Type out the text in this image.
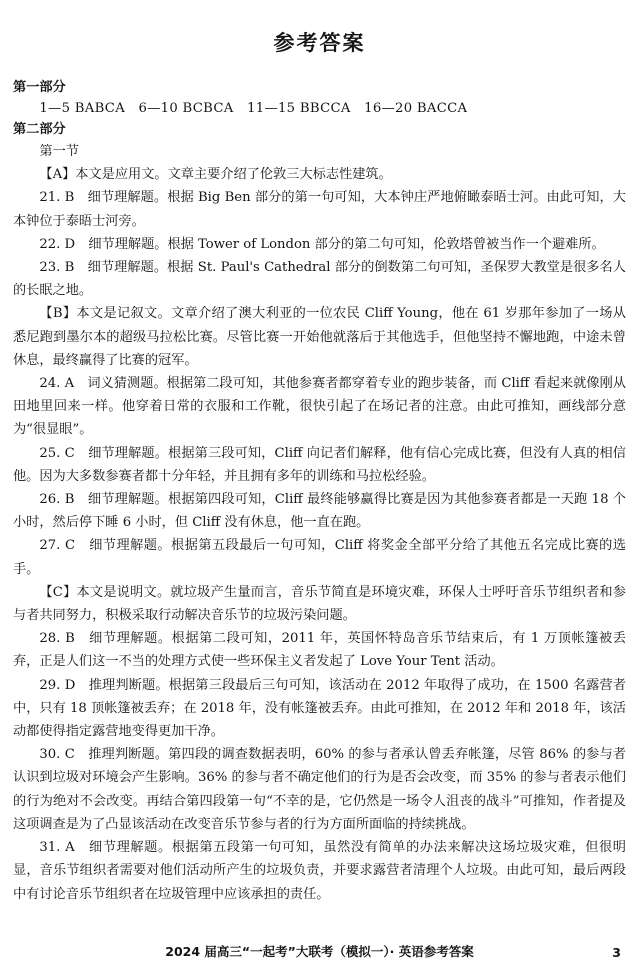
参考答案
第一部分
1—5 BABCA　6—10 BCBCA　11—15 BBCCA　16—20 BACCA
第二部分
第一节

【A】本文是应用文。文章主要介绍了伦敦三大标志性建筑。

21. B　细节理解题。根据 Big Ben 部分的第一句可知，大本钟庄严地俯瞰泰晤士河。由此可知，大本钟位于泰晤士河旁。

22. D　细节理解题。根据 Tower of London 部分的第二句可知，伦敦塔曾被当作一个避难所。

23. B　细节理解题。根据 St. Paul's Cathedral 部分的倒数第二句可知，圣保罗大教堂是很多名人的长眠之地。

【B】本文是记叙文。文章介绍了澳大利亚的一位农民 Cliff Young，他在 61 岁那年参加了一场从悉尼跑到墨尔本的超级马拉松比赛。尽管比赛一开始他就落后于其他选手，但他坚持不懈地跑，中途未曾休息，最终赢得了比赛的冠军。

24. A　词义猜测题。根据第二段可知，其他参赛者都穿着专业的跑步装备，而 Cliff 看起来就像刚从田地里回来一样。他穿着日常的衣服和工作靴，很快引起了在场记者的注意。由此可推知，画线部分意为“很显眼”。

25. C　细节理解题。根据第三段可知，Cliff 向记者们解释，他有信心完成比赛，但没有人真的相信他。因为大多数参赛者都十分年轻，并且拥有多年的训练和马拉松经验。

26. B　细节理解题。根据第四段可知，Cliff 最终能够赢得比赛是因为其他参赛者都是一天跑 18 个小时，然后停下睡 6 小时，但 Cliff 没有休息，他一直在跑。

27. C　细节理解题。根据第五段最后一句可知，Cliff 将奖金全部平分给了其他五名完成比赛的选手。

【C】本文是说明文。就垃圾产生量而言，音乐节简直是环境灾难，环保人士呼吁音乐节组织者和参与者共同努力，积极采取行动解决音乐节的垃圾污染问题。

28. B　细节理解题。根据第二段可知，2011 年，英国怀特岛音乐节结束后，有 1 万顶帐篷被丢弃，正是人们这一不当的处理方式使一些环保主义者发起了 Love Your Tent 活动。

29. D　推理判断题。根据第三段最后三句可知，该活动在 2012 年取得了成功，在 1500 名露营者中，只有 18 顶帐篷被丢弃；在 2018 年，没有帐篷被丢弃。由此可推知，在 2012 年和 2018 年，该活动都使得指定露营地变得更加干净。

30. C　推理判断题。第四段的调查数据表明，60% 的参与者承认曾丢弃帐篷，尽管 86% 的参与者认识到垃圾对环境会产生影响。36% 的参与者不确定他们的行为是否会改变，而 35% 的参与者表示他们的行为绝对不会改变。再结合第四段第一句“不幸的是，它仍然是一场令人沮丧的战斗”可推知，作者提及这项调查是为了凸显该活动在改变音乐节参与者的行为方面所面临的持续挑战。

31. A　细节理解题。根据第五段第一句可知，虽然没有简单的办法来解决这场垃圾灾难，但很明显，音乐节组织者需要对他们活动所产生的垃圾负责，并要求露营者清理个人垃圾。由此可知，最后两段中有讨论音乐节组织者在垃圾管理中应该承担的责任。

2024 届高三“一起考”大联考（模拟一）· 英语参考答案	3
